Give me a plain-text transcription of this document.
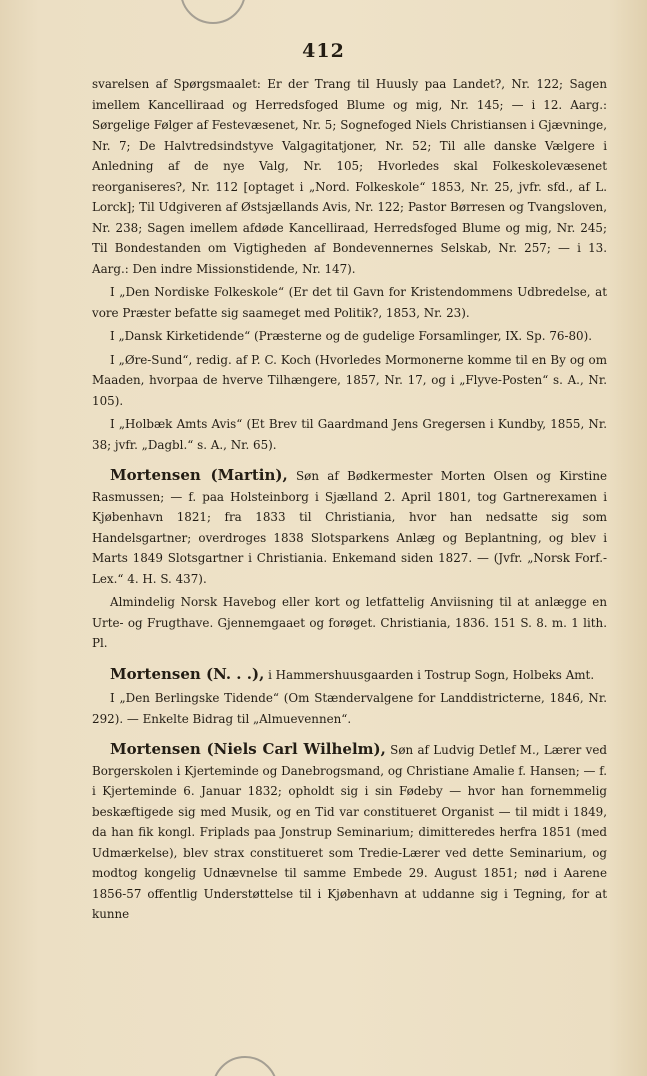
412

svarelsen af Spørgsmaalet: Er der Trang til Huusly paa Landet?, Nr. 122; Sagen imellem Kancelliraad og Herredsfoged Blume og mig, Nr. 145; — i 12. Aarg.: Sørgelige Følger af Festevæsenet, Nr. 5; Sognefoged Niels Christiansen i Gjævninge, Nr. 7; De Halvtredsindstyve Valgagitatjoner, Nr. 52; Til alle danske Vælgere i Anledning af de nye Valg, Nr. 105; Hvorledes skal Folkeskolevæsenet reorganiseres?, Nr. 112 [optaget i „Nord. Folkeskole“ 1853, Nr. 25, jvfr. sfd., af L. Lorck]; Til Udgiveren af Østsjællands Avis, Nr. 122; Pastor Børresen og Tvangsloven, Nr. 238; Sagen imellem afdøde Kancelliraad, Herredsfoged Blume og mig, Nr. 245; Til Bondestanden om Vigtigheden af Bondevennernes Selskab, Nr. 257; — i 13. Aarg.: Den indre Missionstidende, Nr. 147).

I „Den Nordiske Folkeskole“ (Er det til Gavn for Kristendommens Udbredelse, at vore Præster befatte sig saameget med Politik?, 1853, Nr. 23).

I „Dansk Kirketidende“ (Præsterne og de gudelige Forsamlinger, IX. Sp. 76-80).

I „Øre-Sund“, redig. af P. C. Koch (Hvorledes Mormonerne komme til en By og om Maaden, hvorpaa de hverve Tilhængere, 1857, Nr. 17, og i „Flyve-Posten“ s. A., Nr. 105).

I „Holbæk Amts Avis“ (Et Brev til Gaardmand Jens Gregersen i Kundby, 1855, Nr. 38; jvfr. „Dagbl.“ s. A., Nr. 65).

Mortensen (Martin), Søn af Bødkermester Morten Olsen og Kirstine Rasmussen; — f. paa Holsteinborg i Sjælland 2. April 1801, tog Gartnerexamen i Kjøbenhavn 1821; fra 1833 til Christiania, hvor han nedsatte sig som Handelsgartner; overdroges 1838 Slotsparkens Anlæg og Beplantning, og blev i Marts 1849 Slotsgartner i Christiania. Enkemand siden 1827. — (Jvfr. „Norsk Forf.-Lex.“ 4. H. S. 437).

Almindelig Norsk Havebog eller kort og letfattelig Anviisning til at anlægge en Urte- og Frugthave. Gjennemgaaet og forøget. Christiania, 1836. 151 S. 8. m. 1 lith. Pl.

Mortensen (N. . .), i Hammershuusgaarden i Tostrup Sogn, Holbeks Amt.

I „Den Berlingske Tidende“ (Om Stændervalgene for Landdistricterne, 1846, Nr. 292). — Enkelte Bidrag til „Almuevennen“.

Mortensen (Niels Carl Wilhelm), Søn af Ludvig Detlef M., Lærer ved Borgerskolen i Kjerteminde og Danebrogsmand, og Christiane Amalie f. Hansen; — f. i Kjerteminde 6. Januar 1832; opholdt sig i sin Fødeby — hvor han fornemmelig beskæftigede sig med Musik, og en Tid var constitueret Organist — til midt i 1849, da han fik kongl. Friplads paa Jonstrup Seminarium; dimitteredes herfra 1851 (med Udmærkelse), blev strax constitueret som Tredie-Lærer ved dette Seminarium, og modtog kongelig Udnævnelse til samme Embede 29. August 1851; nød i Aarene 1856-57 offentlig Understøttelse til i Kjøbenhavn at uddanne sig i Tegning, for at kunne
